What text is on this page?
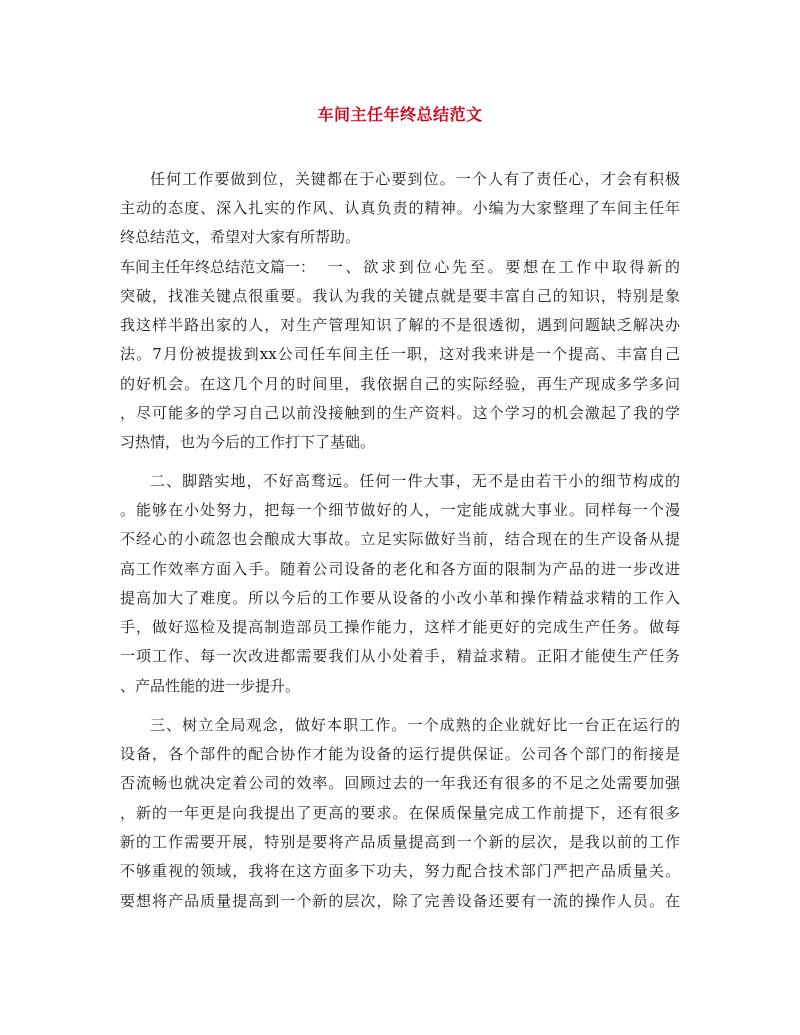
车间主任年终总结范文
任何工作要做到位，关键都在于心要到位。一个人有了责任心，才会有积极
主动的态度、深入扎实的作风、认真负责的精神。小编为大家整理了车间主任年
终总结范文，希望对大家有所帮助。
车间主任年终总结范文篇一： 一、欲求到位心先至。要想在工作中取得新的
突破，找准关键点很重要。我认为我的关键点就是要丰富自己的知识，特别是象
我这样半路出家的人，对生产管理知识了解的不是很透彻，遇到问题缺乏解决办
法。7月份被提拔到xx公司任车间主任一职，这对我来讲是一个提高、丰富自己
的好机会。在这几个月的时间里，我依据自己的实际经验，再生产现成多学多问
，尽可能多的学习自己以前没接触到的生产资料。这个学习的机会激起了我的学
习热情，也为今后的工作打下了基础。
二、脚踏实地，不好高骛远。任何一件大事，无不是由若干小的细节构成的
。能够在小处努力，把每一个细节做好的人，一定能成就大事业。同样每一个漫
不经心的小疏忽也会酿成大事故。立足实际做好当前，结合现在的生产设备从提
高工作效率方面入手。随着公司设备的老化和各方面的限制为产品的进一步改进
提高加大了难度。所以今后的工作要从设备的小改小革和操作精益求精的工作入
手，做好巡检及提高制造部员工操作能力，这样才能更好的完成生产任务。做每
一项工作、每一次改进都需要我们从小处着手，精益求精。正阳才能使生产任务
、产品性能的进一步提升。
三、树立全局观念，做好本职工作。一个成熟的企业就好比一台正在运行的
设备，各个部件的配合协作才能为设备的运行提供保证。公司各个部门的衔接是
否流畅也就决定着公司的效率。回顾过去的一年我还有很多的不足之处需要加强
，新的一年更是向我提出了更高的要求。在保质保量完成工作前提下，还有很多
新的工作需要开展，特别是要将产品质量提高到一个新的层次，是我以前的工作
不够重视的领域，我将在这方面多下功夫，努力配合技术部门严把产品质量关。
要想将产品质量提高到一个新的层次，除了完善设备还要有一流的操作人员。在
